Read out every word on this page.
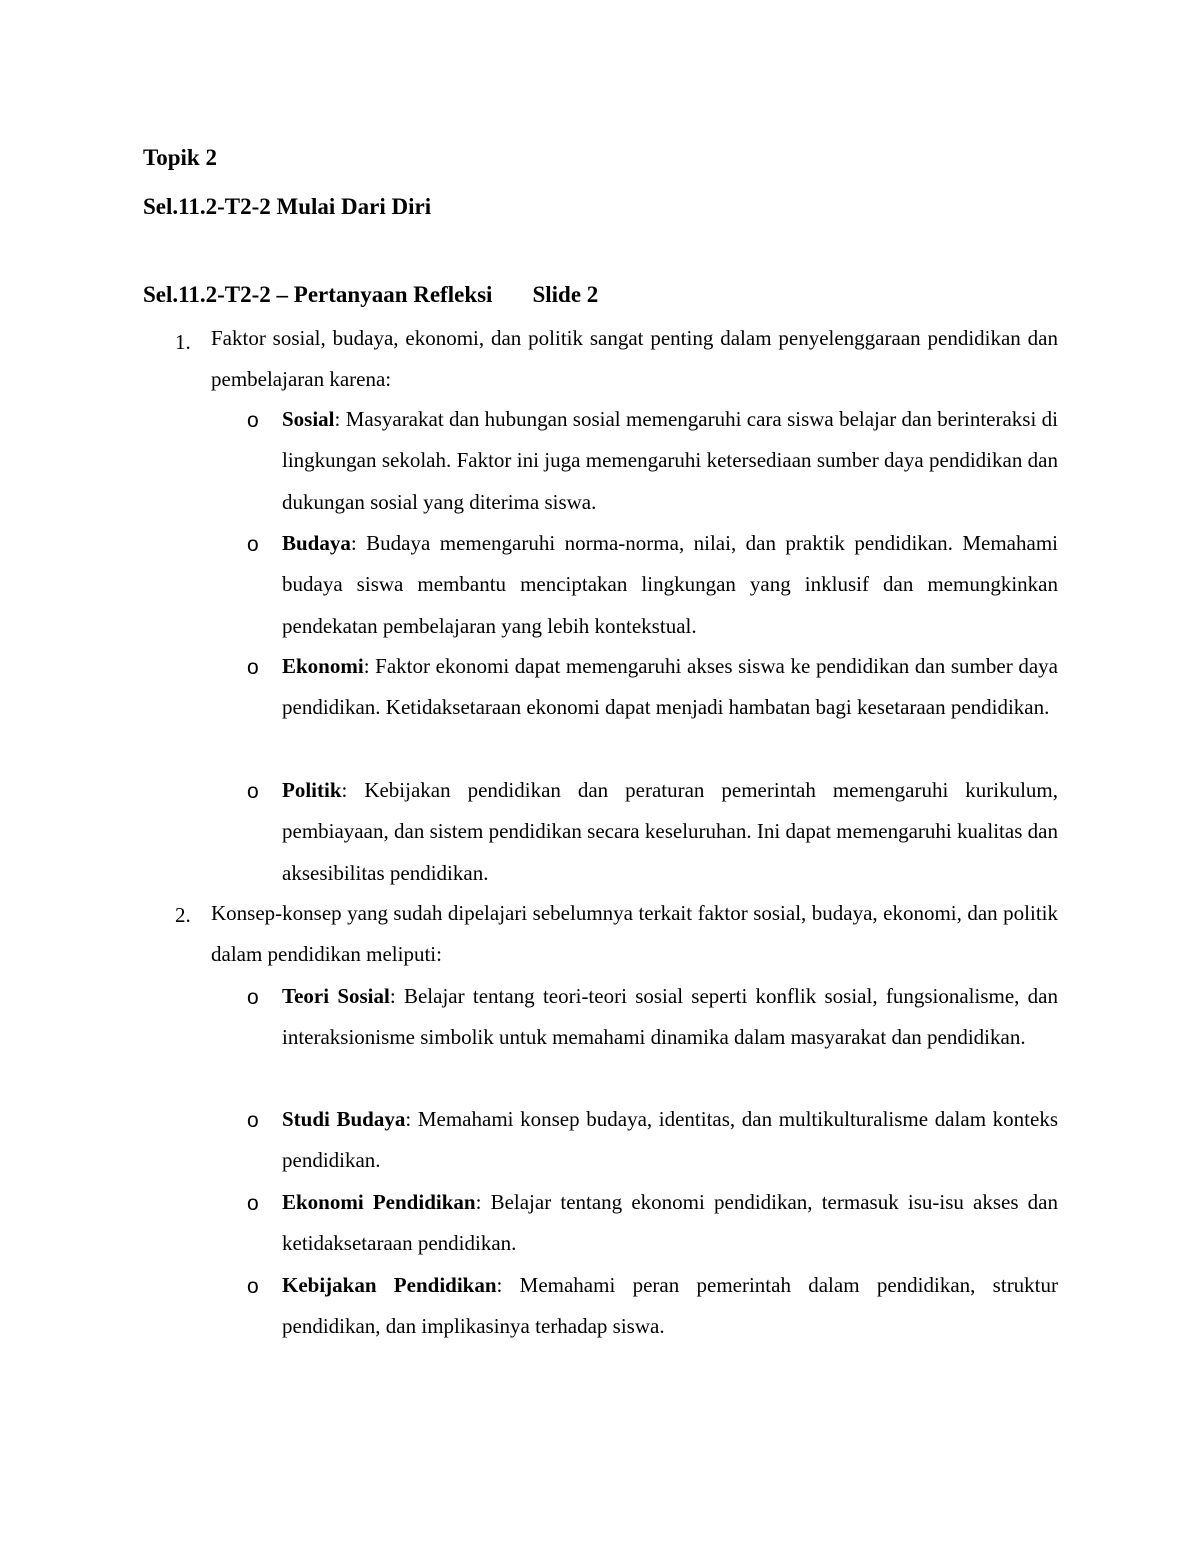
Topik 2
Sel.11.2-T2-2 Mulai Dari Diri
Sel.11.2-T2-2 – Pertanyaan Refleksi Slide 2
1. Faktor sosial, budaya, ekonomi, dan politik sangat penting dalam penyelenggaraan pendidikan dan pembelajaran karena:
o Sosial: Masyarakat dan hubungan sosial memengaruhi cara siswa belajar dan berinteraksi di lingkungan sekolah. Faktor ini juga memengaruhi ketersediaan sumber daya pendidikan dan dukungan sosial yang diterima siswa.
o Budaya: Budaya memengaruhi norma-norma, nilai, dan praktik pendidikan. Memahami budaya siswa membantu menciptakan lingkungan yang inklusif dan memungkinkan pendekatan pembelajaran yang lebih kontekstual.
o Ekonomi: Faktor ekonomi dapat memengaruhi akses siswa ke pendidikan dan sumber daya pendidikan. Ketidaksetaraan ekonomi dapat menjadi hambatan bagi kesetaraan pendidikan.
o Politik: Kebijakan pendidikan dan peraturan pemerintah memengaruhi kurikulum, pembiayaan, dan sistem pendidikan secara keseluruhan. Ini dapat memengaruhi kualitas dan aksesibilitas pendidikan.
2. Konsep-konsep yang sudah dipelajari sebelumnya terkait faktor sosial, budaya, ekonomi, dan politik dalam pendidikan meliputi:
o Teori Sosial: Belajar tentang teori-teori sosial seperti konflik sosial, fungsionalisme, dan interaksionisme simbolik untuk memahami dinamika dalam masyarakat dan pendidikan.
o Studi Budaya: Memahami konsep budaya, identitas, dan multikulturalisme dalam konteks pendidikan.
o Ekonomi Pendidikan: Belajar tentang ekonomi pendidikan, termasuk isu-isu akses dan ketidaksetaraan pendidikan.
o Kebijakan Pendidikan: Memahami peran pemerintah dalam pendidikan, struktur pendidikan, dan implikasinya terhadap siswa.
